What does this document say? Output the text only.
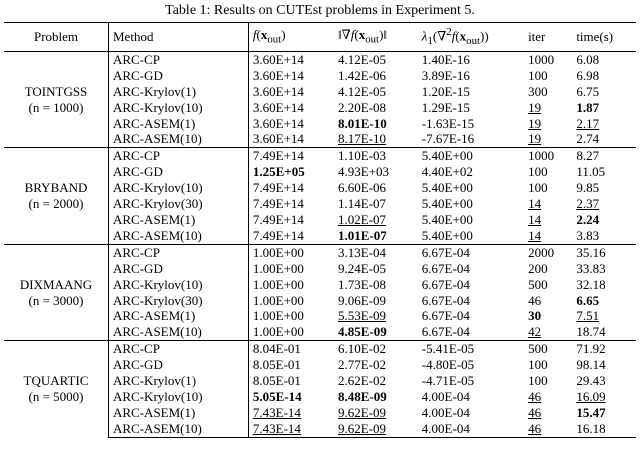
Table 1: Results on CUTEst problems in Experiment 5.
Problem	Method	$f(x_{out})$	$‖\nabla f(x_{out})‖$	$\lambda_1(\nabla^2f(x_{out}))$	iter	time(s)

TOINTGSS
(n = 1000)	ARC-CP	3.60E+14	4.12E-05	1.40E-16	1000	6.08
	ARC-GD	3.60E+14	1.42E-06	3.89E-16	100	6.98
	ARC-Krylov(1)	3.60E+14	4.12E-05	1.20E-15	300	6.75
	ARC-Krylov(10)	3.60E+14	2.20E-08	1.29E-15	19	1.87
	ARC-ASEM(1)	3.60E+14	8.01E-10	-1.63E-15	19	2.17
	ARC-ASEM(10)	3.60E+14	8.17E-10	-7.67E-16	19	2.74

BRYBAND
(n = 2000)	ARC-CP	7.49E+14	1.10E-03	5.40E+00	1000	8.27
	ARC-GD	1.25E+05	4.93E+03	4.40E+02	100	11.05
	ARC-Krylov(10)	7.49E+14	6.60E-06	5.40E+00	100	9.85
	ARC-Krylov(30)	7.49E+14	1.14E-07	5.40E+00	14	2.37
	ARC-ASEM(1)	7.49E+14	1.02E-07	5.40E+00	14	2.24
	ARC-ASEM(10)	7.49E+14	1.01E-07	5.40E+00	14	3.83

DIXMAANG
(n = 3000)	ARC-CP	1.00E+00	3.13E-04	6.67E-04	2000	35.16
	ARC-GD	1.00E+00	9.24E-05	6.67E-04	200	33.83
	ARC-Krylov(10)	1.00E+00	1.73E-08	6.67E-04	500	32.18
	ARC-Krylov(30)	1.00E+00	9.06E-09	6.67E-04	46	6.65
	ARC-ASEM(1)	1.00E+00	5.53E-09	6.67E-04	30	7.51
	ARC-ASEM(10)	1.00E+00	4.85E-09	6.67E-04	42	18.74

TQUARTIC
(n = 5000)	ARC-CP	8.04E-01	6.10E-02	-5.41E-05	500	71.92
	ARC-GD	8.05E-01	2.77E-02	-4.80E-05	100	98.14
	ARC-Krylov(1)	8.05E-01	2.62E-02	-4.71E-05	100	29.43
	ARC-Krylov(10)	5.05E-14	8.48E-09	4.00E-04	46	16.09
	ARC-ASEM(1)	7.43E-14	9.62E-09	4.00E-04	46	15.47
	ARC-ASEM(10)	7.43E-14	9.62E-09	4.00E-04	46	16.18
